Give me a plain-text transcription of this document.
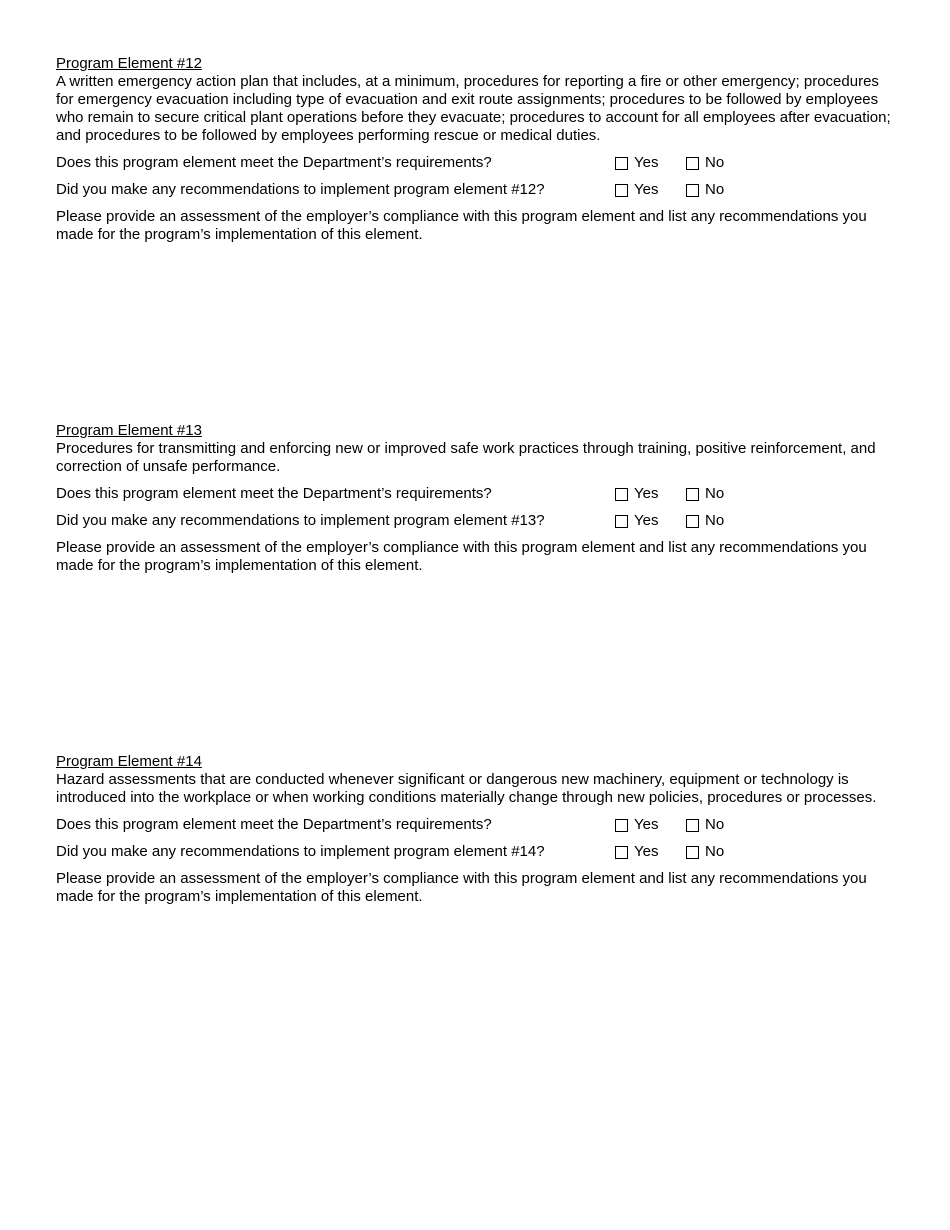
Program Element #12
A written emergency action plan that includes, at a minimum, procedures for reporting a fire or other emergency; procedures for emergency evacuation including type of evacuation and exit route assignments; procedures to be followed by employees who remain to secure critical plant operations before they evacuate; procedures to account for all employees after evacuation; and procedures to be followed by employees performing rescue or medical duties.
Does this program element meet the Department’s requirements?	Yes	No
Did you make any recommendations to implement program element #12?	Yes	No
Please provide an assessment of the employer’s compliance with this program element and list any recommendations you made for the program’s implementation of this element.
Program Element #13
Procedures for transmitting and enforcing new or improved safe work practices through training, positive reinforcement, and correction of unsafe performance.
Does this program element meet the Department’s requirements?	Yes	No
Did you make any recommendations to implement program element #13?	Yes	No
Please provide an assessment of the employer’s compliance with this program element and list any recommendations you made for the program’s implementation of this element.
Program Element #14
Hazard assessments that are conducted whenever significant or dangerous new machinery, equipment or technology is introduced into the workplace or when working conditions materially change through new policies, procedures or processes.
Does this program element meet the Department’s requirements?	Yes	No
Did you make any recommendations to implement program element #14?	Yes	No
Please provide an assessment of the employer’s compliance with this program element and list any recommendations you made for the program’s implementation of this element.
